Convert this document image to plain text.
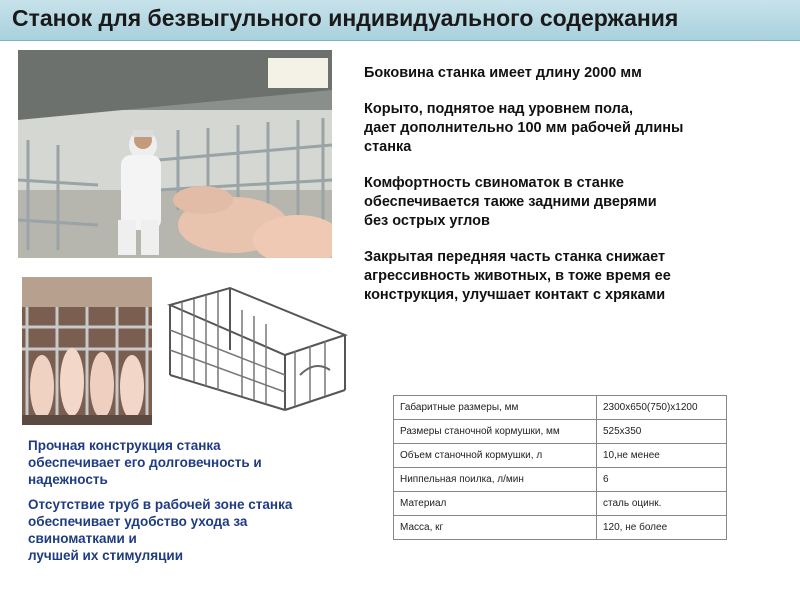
Станок для безвыгульного индивидуального содержания

Боковина станка имеет длину 2000 мм

Корыто, поднятое над уровнем пола,
дает дополнительно 100 мм рабочей длины
станка

Комфортность свиноматок в станке
обеспечивается также задними дверями
без острых углов

Закрытая передняя часть станка снижает
агрессивность животных, в тоже время ее
конструкция, улучшает контакт с хряками

Прочная конструкция станка
обеспечивает его долговечность и
надежность

Отсутствие труб в рабочей зоне станка
обеспечивает удобство ухода за
свиноматками и
лучшей их стимуляции

Габаритные размеры, мм	2300х650(750)х1200
Размеры станочной кормушки, мм	525х350
Объем станочной кормушки, л	10,не менее
Ниппельная поилка, л/мин	6
Материал	сталь оцинк.
Масса, кг	120, не более
